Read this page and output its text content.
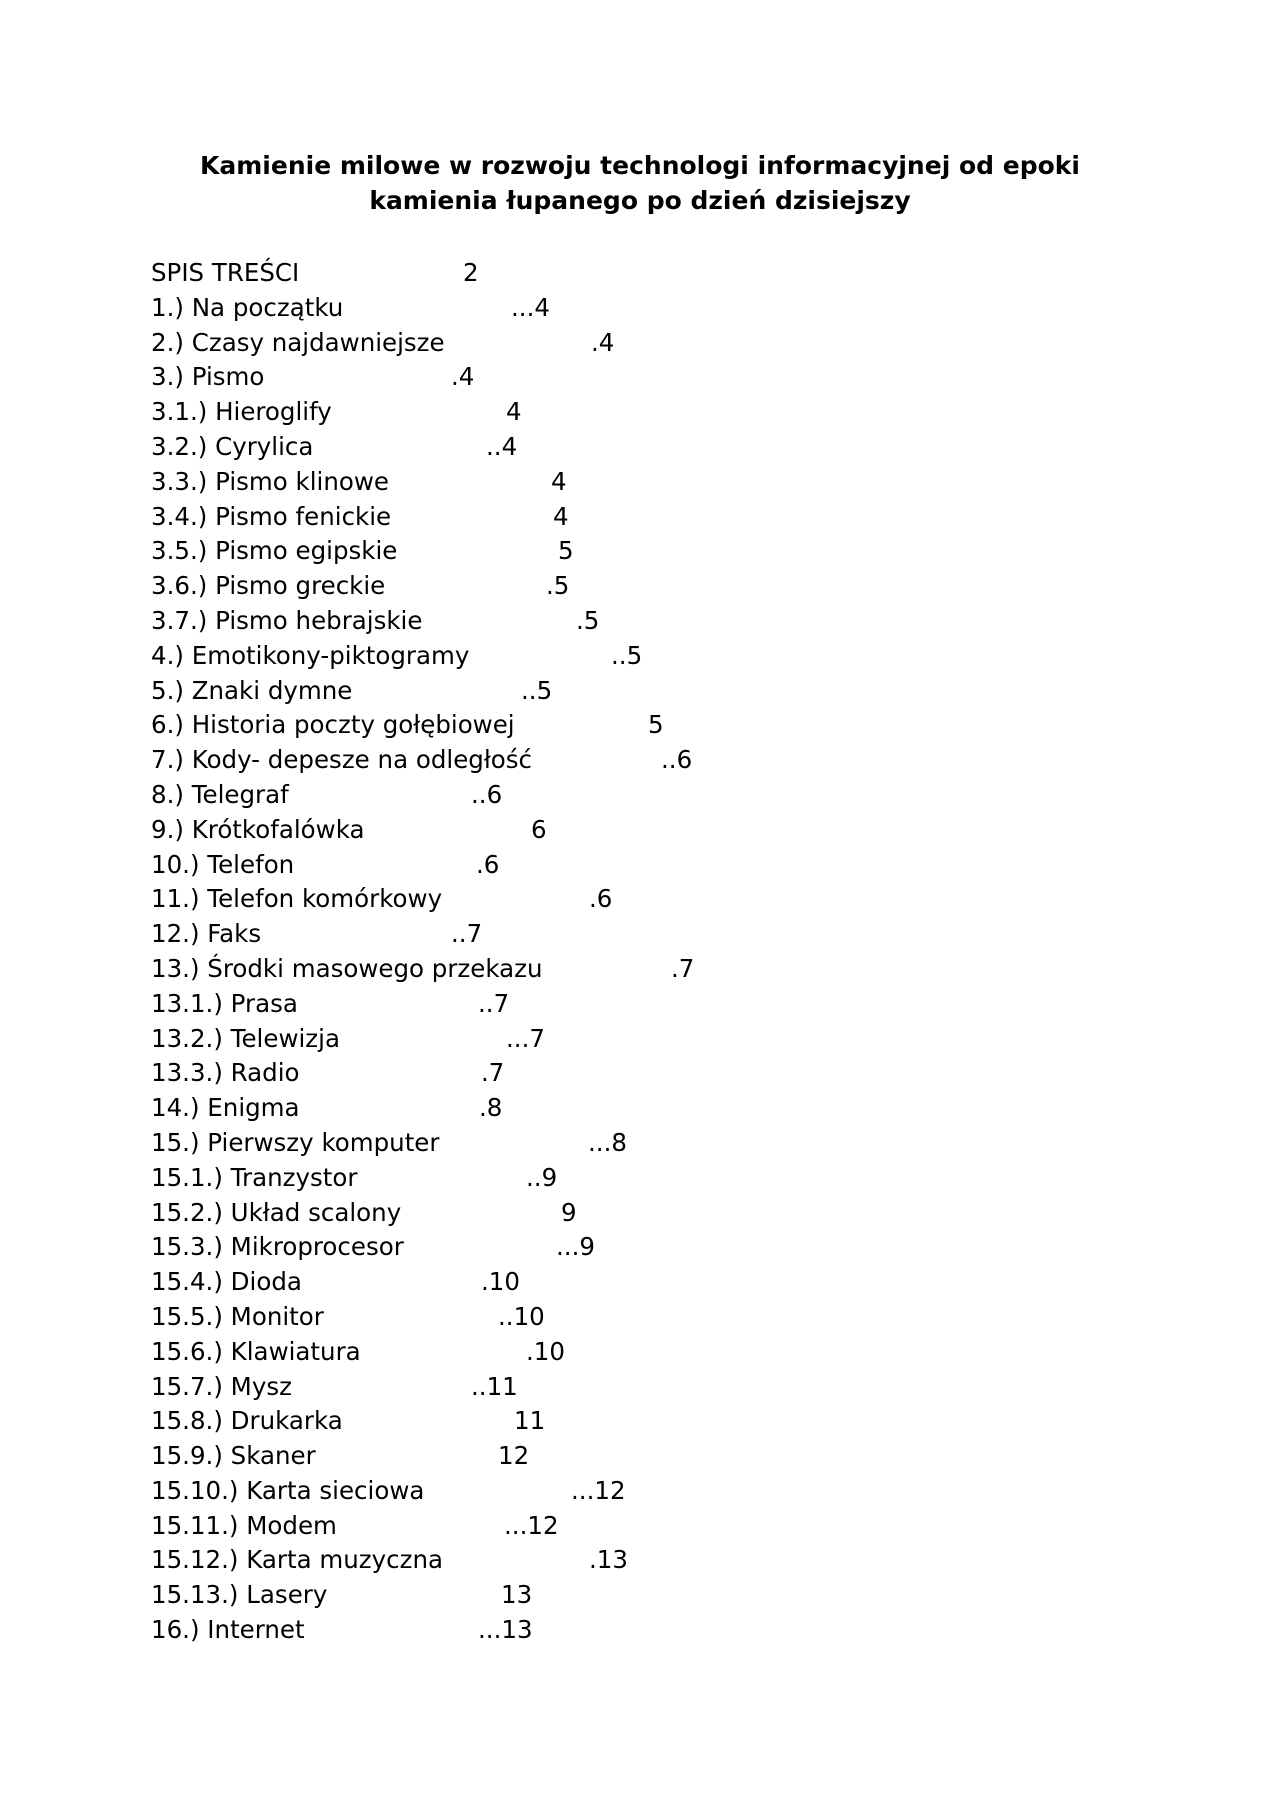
Kamienie milowe w rozwoju technologi informacyjnej od epoki
kamienia łupanego po dzień dzisiejszy
SPIS TREŚCI	2
1.) Na początku	...4
2.) Czasy najdawniejsze	.4
3.) Pismo	.4
3.1.) Hieroglify	4
3.2.) Cyrylica	..4
3.3.) Pismo klinowe	4
3.4.) Pismo fenickie	4
3.5.) Pismo egipskie	5
3.6.) Pismo greckie	.5
3.7.) Pismo hebrajskie	.5
4.) Emotikony-piktogramy	..5
5.) Znaki dymne	..5
6.) Historia poczty gołębiowej	5
7.) Kody- depesze na odległość	..6
8.) Telegraf	..6
9.) Krótkofalówka	6
10.) Telefon	.6
11.) Telefon komórkowy	.6
12.) Faks	..7
13.) Środki masowego przekazu	.7
13.1.) Prasa	..7
13.2.) Telewizja	...7
13.3.) Radio	.7
14.) Enigma	.8
15.) Pierwszy komputer	...8
15.1.) Tranzystor	..9
15.2.) Układ scalony	9
15.3.) Mikroprocesor	...9
15.4.) Dioda	.10
15.5.) Monitor	..10
15.6.) Klawiatura	.10
15.7.) Mysz	..11
15.8.) Drukarka	11
15.9.) Skaner	12
15.10.) Karta sieciowa	...12
15.11.) Modem	...12
15.12.) Karta muzyczna	.13
15.13.) Lasery	13
16.) Internet	...13
